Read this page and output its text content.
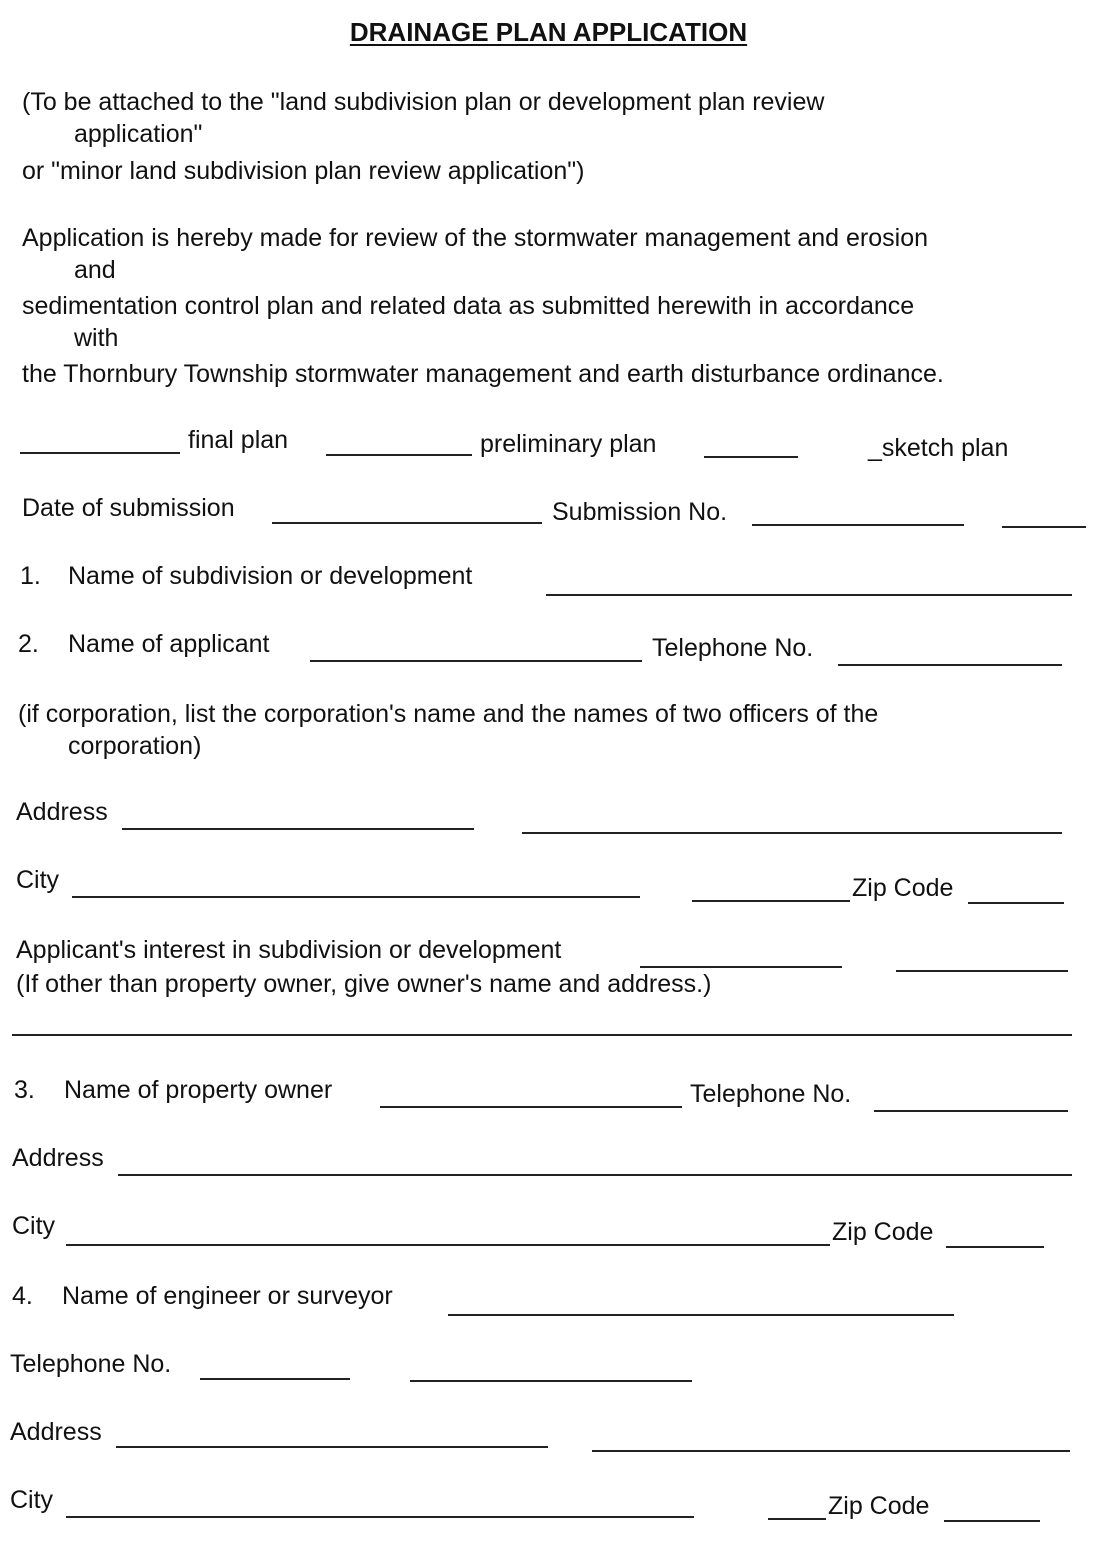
DRAINAGE PLAN APPLICATION
(To be attached to the "land subdivision plan or development plan review
application"
or "minor land subdivision plan review application")
Application is hereby made for review of the stormwater management and erosion
and
sedimentation control plan and related data as submitted herewith in accordance
with
the Thornbury Township stormwater management and earth disturbance ordinance.
final plan	preliminary plan	_sketch plan
Date of submission	Submission No.
1. Name of subdivision or development
2. Name of applicant	Telephone No.
(if corporation, list the corporation's name and the names of two officers of the
corporation)
Address
City	Zip Code
Applicant's interest in subdivision or development
(If other than property owner, give owner's name and address.)
3. Name of property owner	Telephone No.
Address
City	Zip Code
4. Name of engineer or surveyor
Telephone No.
Address
City	Zip Code
